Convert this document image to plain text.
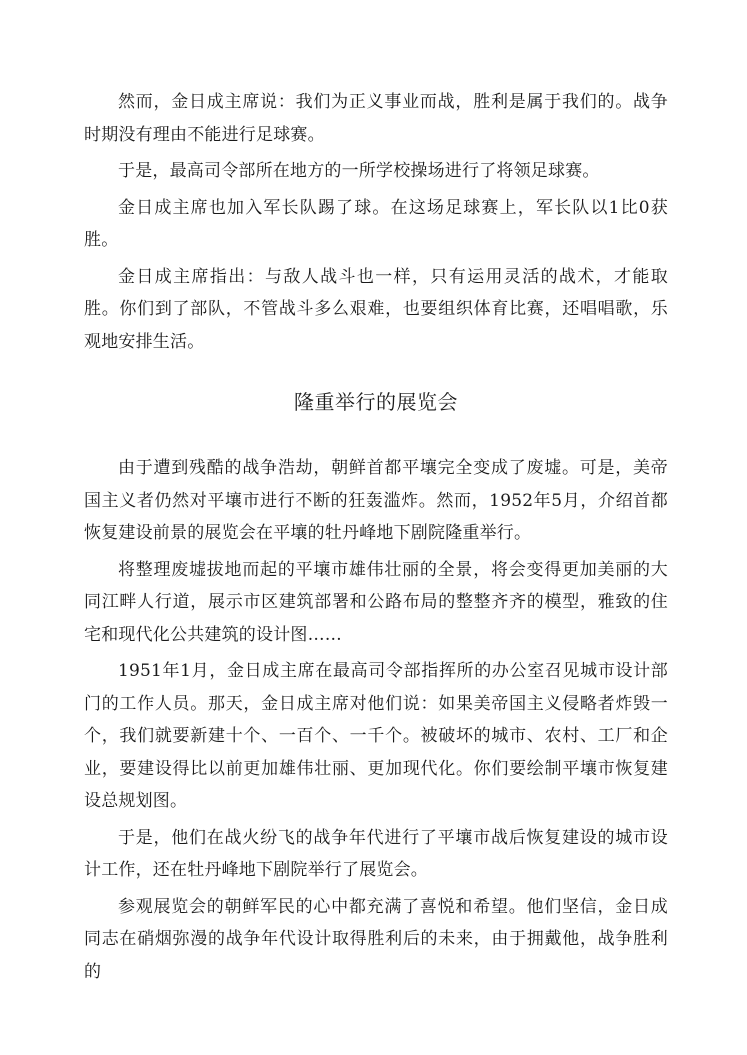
然而，金日成主席说：我们为正义事业而战，胜利是属于我们的。战争时期没有理由不能进行足球赛。

于是，最高司令部所在地方的一所学校操场进行了将领足球赛。

金日成主席也加入军长队踢了球。在这场足球赛上，军长队以1比0获胜。

金日成主席指出：与敌人战斗也一样，只有运用灵活的战术，才能取胜。你们到了部队，不管战斗多么艰难，也要组织体育比赛，还唱唱歌，乐观地安排生活。

隆重举行的展览会

由于遭到残酷的战争浩劫，朝鲜首都平壤完全变成了废墟。可是，美帝国主义者仍然对平壤市进行不断的狂轰滥炸。然而，1952年5月，介绍首都恢复建设前景的展览会在平壤的牡丹峰地下剧院隆重举行。

将整理废墟拔地而起的平壤市雄伟壮丽的全景，将会变得更加美丽的大同江畔人行道，展示市区建筑部署和公路布局的整整齐齐的模型，雅致的住宅和现代化公共建筑的设计图……

1951年1月，金日成主席在最高司令部指挥所的办公室召见城市设计部门的工作人员。那天，金日成主席对他们说：如果美帝国主义侵略者炸毁一个，我们就要新建十个、一百个、一千个。被破坏的城市、农村、工厂和企业，要建设得比以前更加雄伟壮丽、更加现代化。你们要绘制平壤市恢复建设总规划图。

于是，他们在战火纷飞的战争年代进行了平壤市战后恢复建设的城市设计工作，还在牡丹峰地下剧院举行了展览会。

参观展览会的朝鲜军民的心中都充满了喜悦和希望。他们坚信，金日成同志在硝烟弥漫的战争年代设计取得胜利后的未来，由于拥戴他，战争胜利的
